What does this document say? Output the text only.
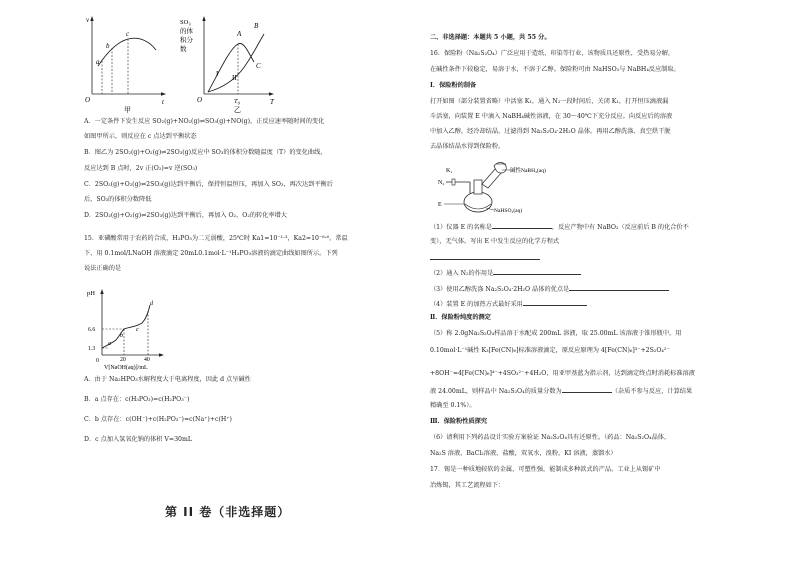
v
t
O
a
b
c
甲
$SO_3$
的体
积分
数
T
O
A
B
C
I II
$T_0$
乙
A．一定条件下发生反应 SO₂(g)+NO₂(g)⇌SO₃(g)+NO(g)，正反应速率随时间的变化
如图甲所示，则反应在 c 点达到平衡状态
B．图乙为 2SO₂(g)+O₂(g)⇌2SO₃(g)反应中 SO₃的体积分数随温度（T）的变化曲线，
反应达到 B 点时，2v 正(O₂)=v 逆(SO₃)
C．2SO₂(g)+O₂(g)⇌2SO₃(g)达到平衡后，保持恒温恒压，再加入 SO₃，再次达到平衡后
后，SO₃的体积分数降低
D．2SO₂(g)+O₂(g)⇌2SO₃(g)达到平衡后，再加入 O₂，O₂的转化率增大
15．亚磷酸常用于农药的合成，H₃PO₃为二元弱酸，25℃时 Ka1=10⁻¹·³，Ka2=10⁻⁶·⁶。常温
下，用 0.1mol/LNaOH 溶液滴定 20mL0.1mol·L⁻¹H₃PO₃溶液的滴定曲线如图所示。下列
说法正确的是
pH
6.6
1.3
0	20	40
a
b
c
d
V[NaOH(aq)]/mL
A．由于 Na₂HPO₃水解程度大于电离程度，因此 d 点呈碱性
B．a 点存在：c(H₃PO₃)=c(H₂PO₃⁻)
C．b 点存在：c(OH⁻)+c(H₂PO₃⁻)=c(Na⁺)+c(H⁺)
D．c 点加入氢氧化钠的体积 V=30mL
第 II 卷（非选择题）
二、非选择题：本题共 5 小题，共 55 分。
16．保险粉（Na₂S₂O₄）广泛应用于造纸、印染等行业，该物质具还原性，受热易分解，
在碱性条件下较稳定，易溶于水，不溶于乙醇。保险粉可由 NaHSO₃与 NaBH₄反应制取。
Ⅰ．保险粉的制备
打开如图（部分装置省略）中活塞 K₁，通入 N₂一段时间后，关闭 K₁，打开恒压滴液漏
斗活塞，向装置 E 中滴入 NaBH₄碱性溶液，在 30～40℃下充分反应。向反应后的溶液
中加入乙醇，经冷却结晶、过滤得到 Na₂S₂O₄·2H₂O 晶体，再用乙醇洗涤、真空烘干脱
去晶体结晶水得到保险粉。
K₁
N₂
E
碱性NaBH₄(aq)
NaHSO₃(aq)
（1）仪器 E 的名称是	，反应产物中有 NaBO₂（反应前后 B 的化合价不
变），无气体。写出 E 中发生反应的化学方程式
（2）通入 N₂的作用是
（3）使用乙醇洗涤 Na₂S₂O₄·2H₂O 晶体的优点是
（4）装置 E 的加热方式最好采用
Ⅱ．保险粉纯度的测定
（5）称 2.0gNa₂S₂O₄样品溶于水配成 200mL 溶液，取 25.00mL 该溶液于锥形瓶中，用
0.10mol·L⁻¹碱性 K₃[Fe(CN)₆]标准溶液滴定，原反应原理为 4[Fe(CN)₆]³⁻+2S₂O₄²⁻
+8OH⁻=4[Fe(CN)₆]⁴⁻+4SO₃²⁻+4H₂O，用亚甲基蓝为指示剂，达到滴定终点时消耗标准溶液
液 24.00mL，则样品中 Na₂S₂O₄的质量分数为	（杂质不参与反应，计算结果
精确至 0.1%）。
Ⅲ．保险粉性质探究
（6）请利用下列药品设计实验方案验证 Na₂S₂O₄具有还原性。（药品：Na₂S₂O₄晶体，
Na₂S 溶液，BaCl₂溶液，盐酸，双氧水，溴粉，KI 溶液，蒸馏水）
17．锡是一种质地较软的金属，可塑性强，能制成多种款式的产品。工业上从锡矿中
冶炼锡，其工艺流程如下：
